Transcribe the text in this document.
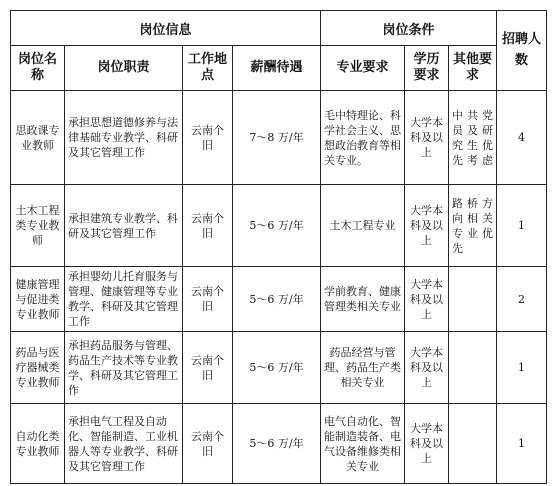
岗位信息				岗位条件			招聘人数
岗位名称	岗位职责	工作地点	薪酬待遇	专业要求	学历要求	其他要求	
思政课专业教师	承担思想道德修养与法律基础专业教学、科研及其它管理工作	云南个旧	7～8 万/年	毛中特理论、科学社会主义、思想政治教育等相关专业。	大学本科及以上	中共党员及研究生优先考虑	4
土木工程类专业教师	承担建筑专业教学、科研及其它管理工作	云南个旧	5～6 万/年	土木工程专业	大学本科及以上	路桥方向相关专业优先	1
健康管理与促进类专业教师	承担婴幼儿托育服务与管理、健康管理等专业教学、科研及其它管理工作	云南个旧	5～6 万/年	学前教育、健康管理类相关专业	大学本科及以上		2
药品与医疗器械类专业教师	承担药品服务与管理、药品生产技术等专业教学、科研及其它管理工作	云南个旧	5～6 万/年	药品经营与管理、药品生产类相关专业	大学本科及以上		1
自动化类专业教师	承担电气工程及自动化、智能制造、工业机器人等专业教学、科研及其它管理工作	云南个旧	5～6 万/年	电气自动化、智能制造装备、电气设备维修类相关专业	大学本科及以上		1
